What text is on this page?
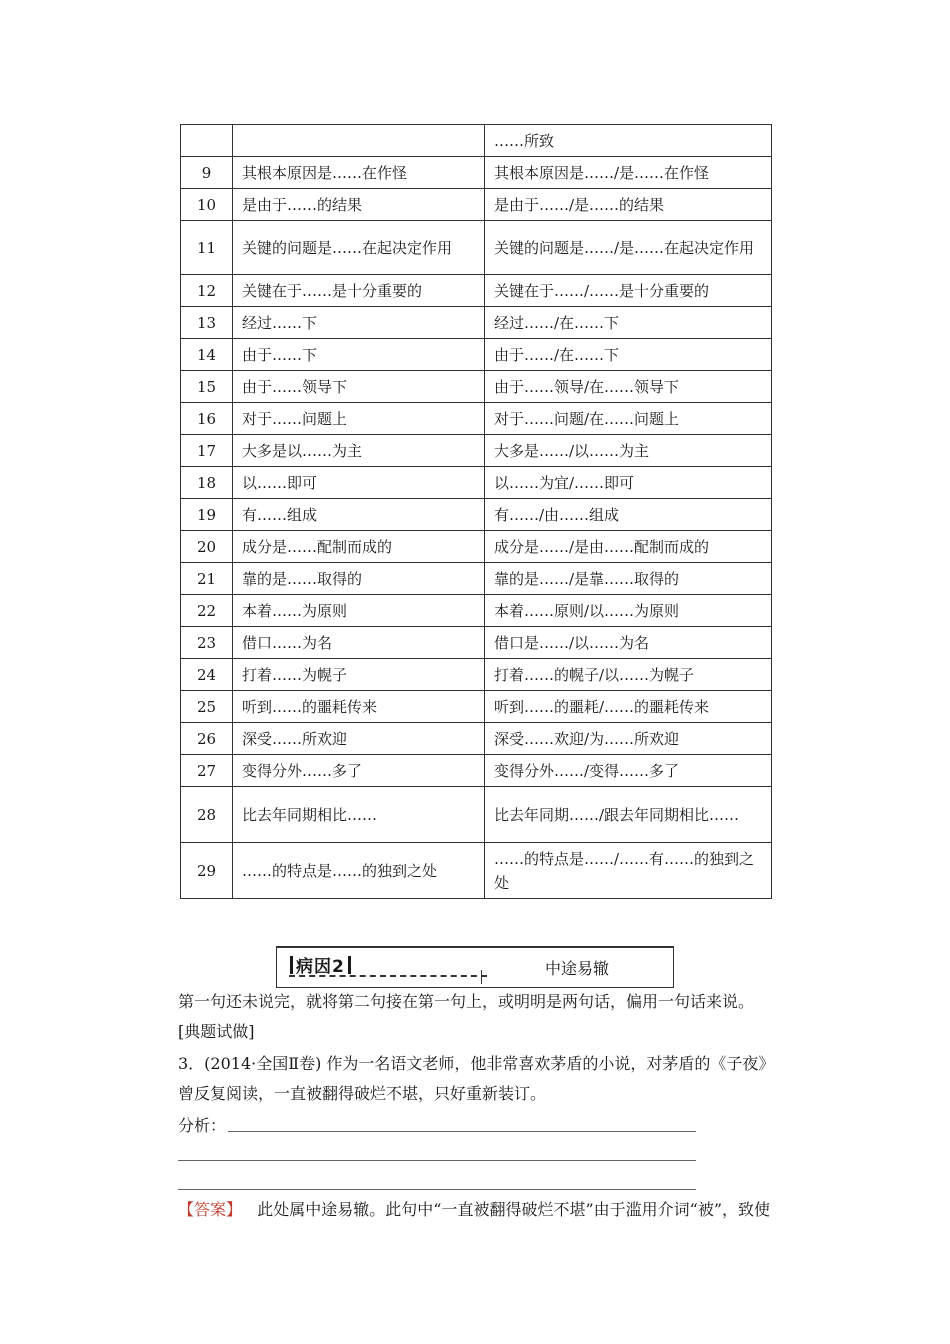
		……所致
9	其根本原因是……在作怪	其根本原因是……/是……在作怪
10	是由于……的结果	是由于……/是……的结果
11	关键的问题是……在起决定作用	关键的问题是……/是……在起决定作用
12	关键在于……是十分重要的	关键在于……/……是十分重要的
13	经过……下	经过……/在……下
14	由于……下	由于……/在……下
15	由于……领导下	由于……领导/在……领导下
16	对于……问题上	对于……问题/在……问题上
17	大多是以……为主	大多是……/以……为主
18	以……即可	以……为宜/……即可
19	有……组成	有……/由……组成
20	成分是……配制而成的	成分是……/是由……配制而成的
21	靠的是……取得的	靠的是……/是靠……取得的
22	本着……为原则	本着……原则/以……为原则
23	借口……为名	借口是……/以……为名
24	打着……为幌子	打着……的幌子/以……为幌子
25	听到……的噩耗传来	听到……的噩耗/……的噩耗传来
26	深受……所欢迎	深受……欢迎/为……所欢迎
27	变得分外……多了	变得分外……/变得……多了
28	比去年同期相比……	比去年同期……/跟去年同期相比……
29	……的特点是……的独到之处	……的特点是……/……有……的独到之处
病因2	中途易辙
第一句还未说完，就将第二句接在第一句上，或明明是两句话，偏用一句话来说。
[典题试做]
3．(2014·全国Ⅱ卷) 作为一名语文老师，他非常喜欢茅盾的小说，对茅盾的《子夜》
曾反复阅读，一直被翻得破烂不堪，只好重新装订。
分析：
【答案】 此处属中途易辙。此句中“一直被翻得破烂不堪”由于滥用介词“被”，致使
